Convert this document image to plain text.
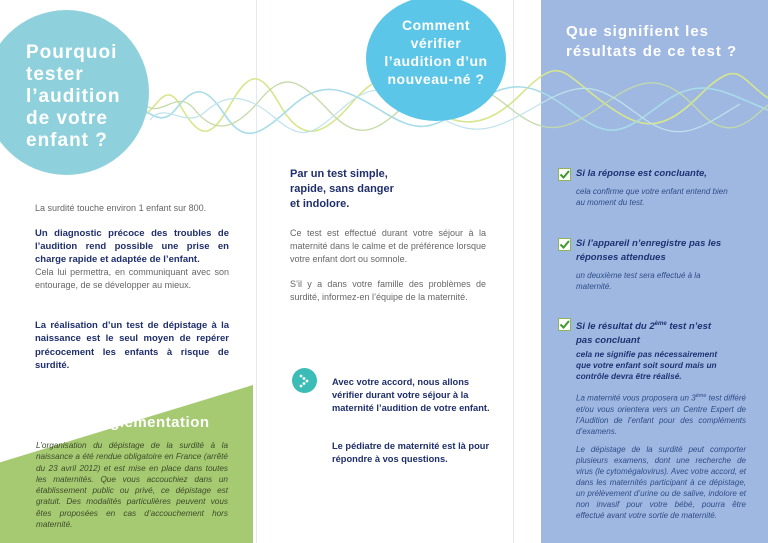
Pourquoi
tester
l’audition
de votre
enfant ?

La surdité touche environ 1 enfant sur 800.

Un diagnostic précoce des troubles de l’audition rend possible une prise en charge rapide et adaptée de l’enfant.

Cela lui permettra, en communiquant avec son entourage, de se développer au mieux.

La réalisation d’un test de dépistage à la naissance est le seul moyen de repérer précocement les enfants à risque de surdité.

Réglementation

L’organisation du dépistage de la surdité à la naissance a été rendue obligatoire en France (arrêté du 23 avril 2012) et est mise en place dans toutes les maternités. Que vous accouchiez dans un établissement public ou privé, ce dépistage est gratuit. Des modalités particulières peuvent vous êtes proposées en cas d’accouchement hors maternité.

Comment
vérifier
l’audition d’un
nouveau-né ?

Par un test simple,
rapide, sans danger
et indolore.

Ce test est effectué durant votre séjour à la maternité dans le calme et de préférence lorsque votre enfant dort ou somnole.

S’il y a dans votre famille des problèmes de surdité, informez-en l’équipe de la maternité.

Avec votre accord, nous allons vérifier durant votre séjour à la maternité l’audition de votre enfant.

Le pédiatre de maternité est là pour répondre à vos questions.

Que signifient les
résultats de ce test ?

Si la réponse est concluante,

cela confirme que votre enfant entend bien au moment du test.

Si l’appareil n’enregistre pas les réponses attendues

un deuxième test sera effectué à la maternité.

Si le résultat du 2ème test n’est pas concluant

cela ne signifie pas nécessairement que votre enfant soit sourd mais un contrôle devra être réalisé.

La maternité vous proposera un 3ème test différé et/ou vous orientera vers un Centre Expert de l’Audition de l’enfant pour des compléments d’examens.

Le dépistage de la surdité peut comporter plusieurs examens, dont une recherche de virus (le cytomégalovirus). Avec votre accord, et dans les maternités participant à ce dépistage, un prélèvement d’urine ou de salive, indolore et non invasif pour votre bébé, pourra être effectué avant votre sortie de maternité.
